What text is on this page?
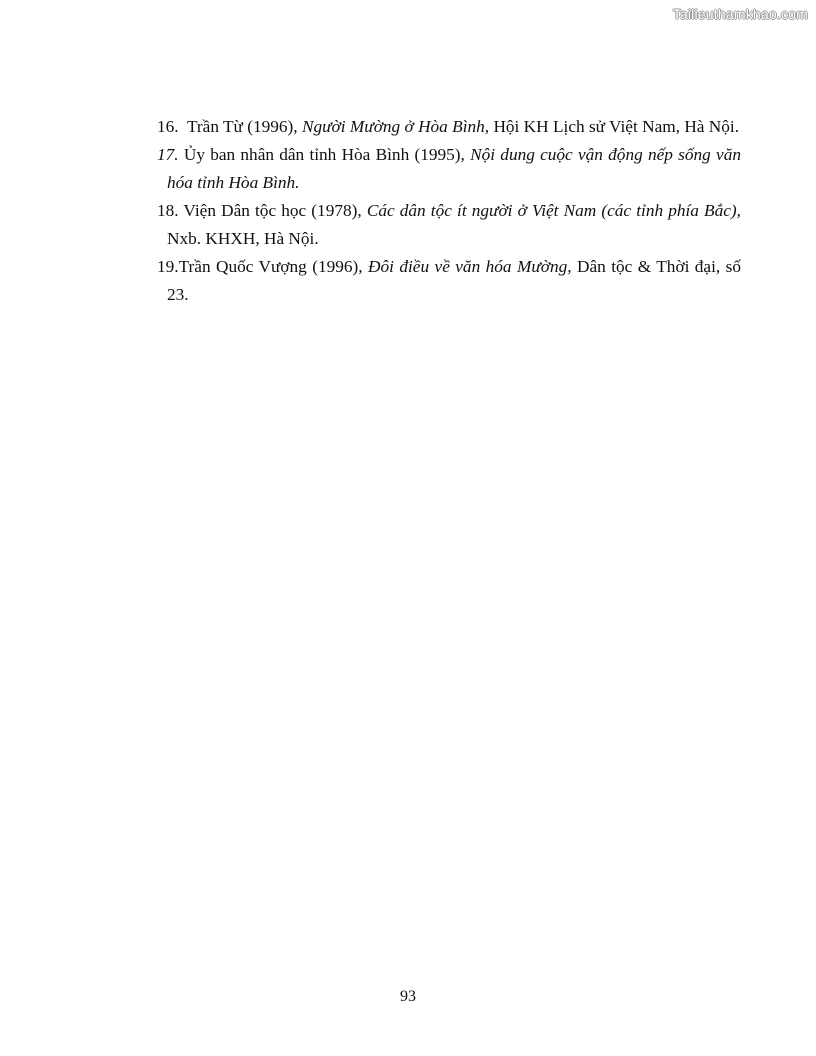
Tailieuthamkhao.com
16. Trần Từ (1996), Người Mường ở Hòa Bình, Hội KH Lịch sử Việt Nam, Hà Nội.
17. Ủy ban nhân dân tỉnh Hòa Bình (1995), Nội dung cuộc vận động nếp sống văn hóa tỉnh Hòa Bình.
18. Viện Dân tộc học (1978), Các dân tộc ít người ở Việt Nam (các tỉnh phía Bắc), Nxb. KHXH, Hà Nội.
19.Trần Quốc Vượng (1996), Đôi điều về văn hóa Mường, Dân tộc & Thời đại, số 23.
93
